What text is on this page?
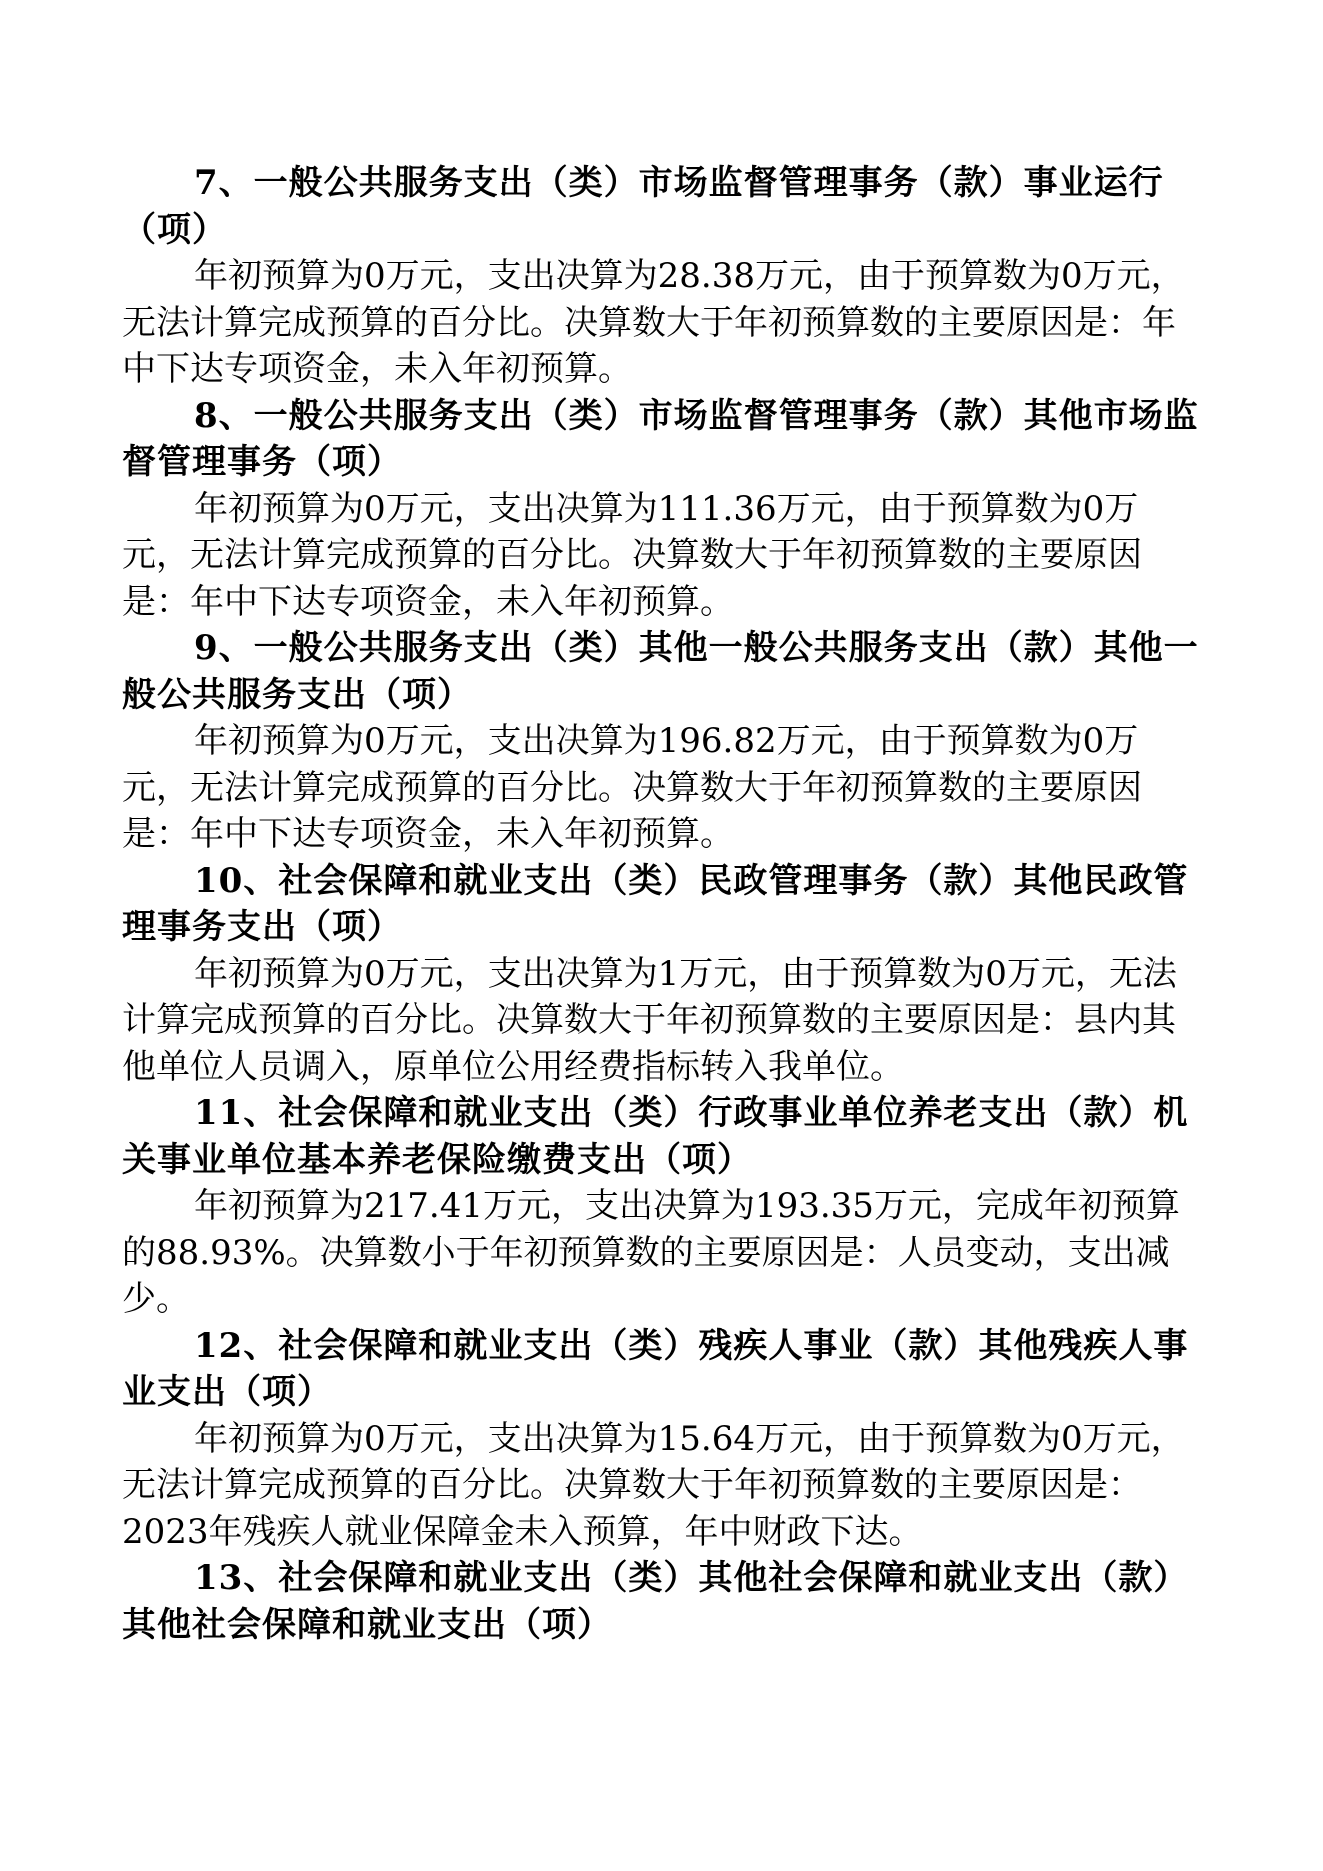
7、一般公共服务支出（类）市场监督管理事务（款）事业运行（项）

年初预算为0万元，支出决算为28.38万元，由于预算数为0万元，无法计算完成预算的百分比。决算数大于年初预算数的主要原因是：年中下达专项资金，未入年初预算。

8、一般公共服务支出（类）市场监督管理事务（款）其他市场监督管理事务（项）

年初预算为0万元，支出决算为111.36万元，由于预算数为0万元，无法计算完成预算的百分比。决算数大于年初预算数的主要原因是：年中下达专项资金，未入年初预算。

9、一般公共服务支出（类）其他一般公共服务支出（款）其他一般公共服务支出（项）

年初预算为0万元，支出决算为196.82万元，由于预算数为0万元，无法计算完成预算的百分比。决算数大于年初预算数的主要原因是：年中下达专项资金，未入年初预算。

10、社会保障和就业支出（类）民政管理事务（款）其他民政管理事务支出（项）

年初预算为0万元，支出决算为1万元，由于预算数为0万元，无法计算完成预算的百分比。决算数大于年初预算数的主要原因是：县内其他单位人员调入，原单位公用经费指标转入我单位。

11、社会保障和就业支出（类）行政事业单位养老支出（款）机关事业单位基本养老保险缴费支出（项）

年初预算为217.41万元，支出决算为193.35万元，完成年初预算的88.93%。决算数小于年初预算数的主要原因是：人员变动，支出减少。

12、社会保障和就业支出（类）残疾人事业（款）其他残疾人事业支出（项）

年初预算为0万元，支出决算为15.64万元，由于预算数为0万元，无法计算完成预算的百分比。决算数大于年初预算数的主要原因是：2023年残疾人就业保障金未入预算，年中财政下达。

13、社会保障和就业支出（类）其他社会保障和就业支出（款）其他社会保障和就业支出（项）
